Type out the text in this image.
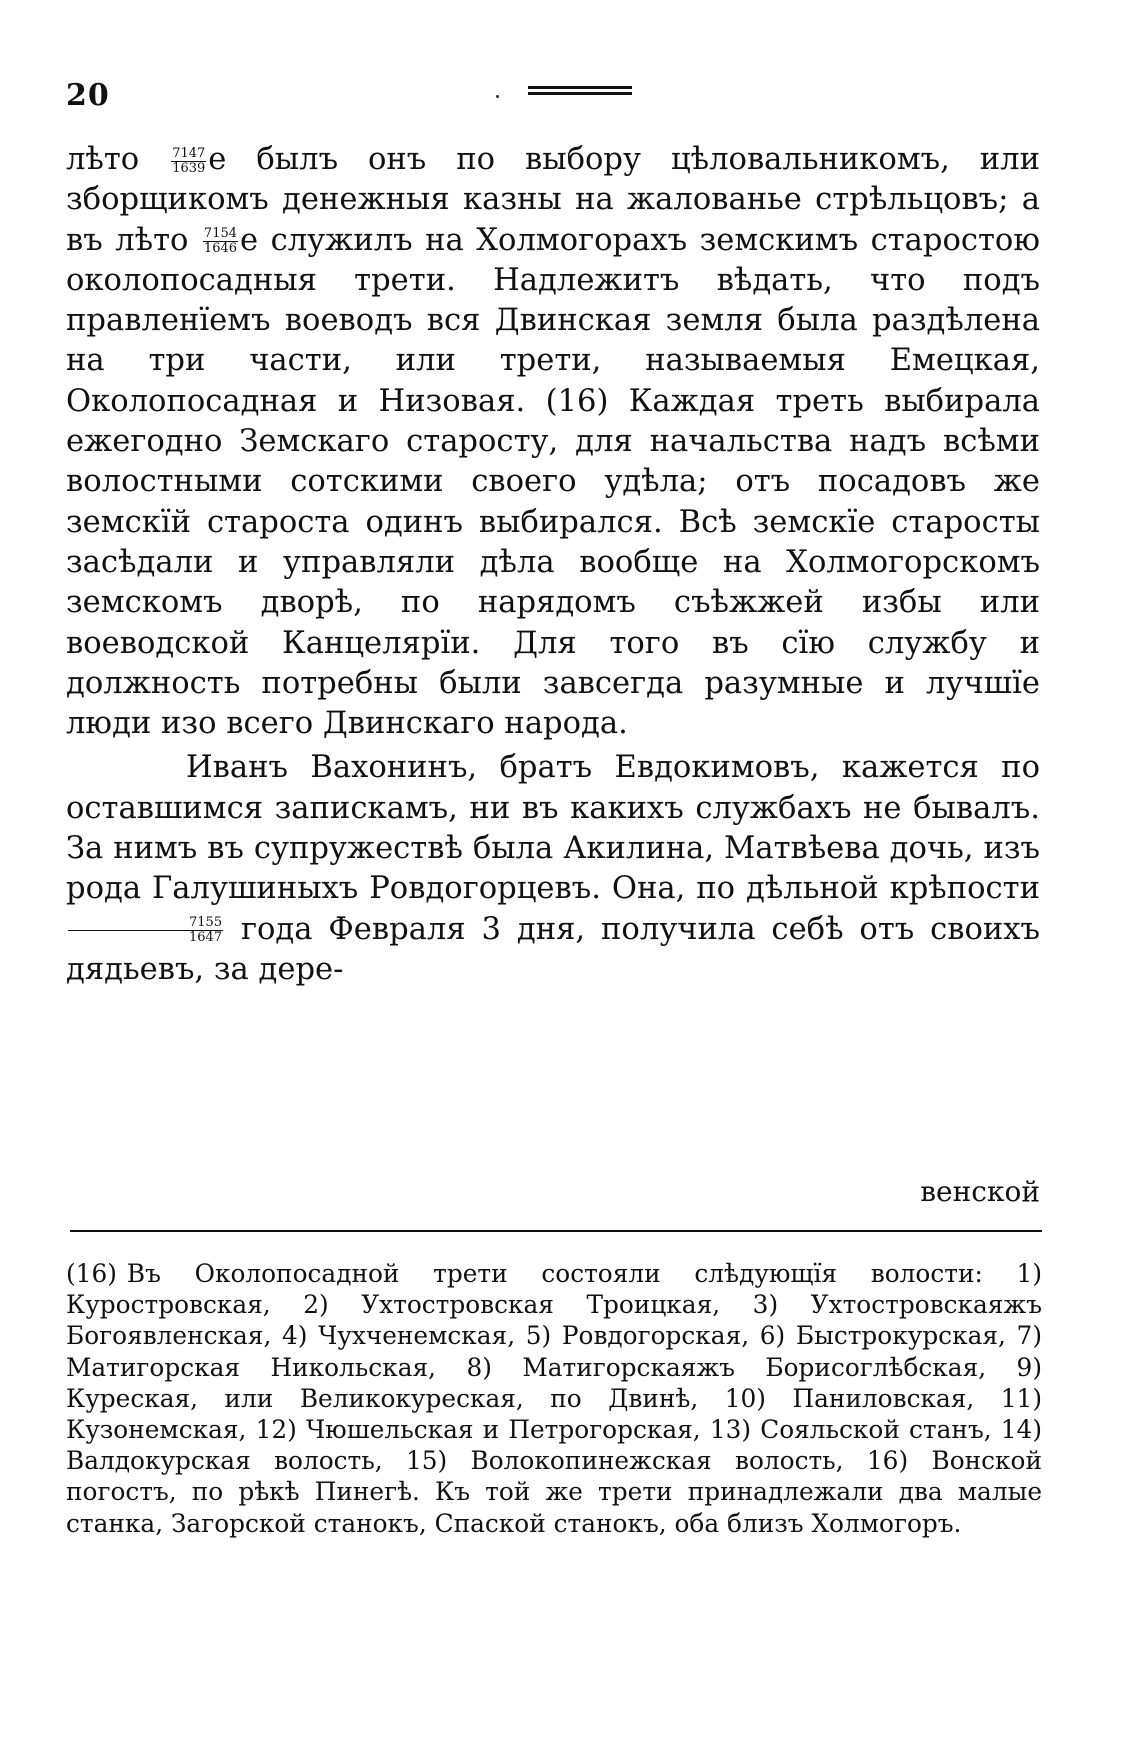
20

лѣто $\frac{7147}{1639}$ е былъ онъ по выбору цѣловальникомъ, или зборщикомъ денежныя казны на жалованье стрѣльцовъ; а въ лѣто $\frac{7154}{1646}$ е служилъ на Холмогорахъ земскимъ старостою околопосадныя трети. Надлежитъ вѣдать, что подъ правленїемъ воеводъ вся Двинская земля была раздѣлена на три части, или трети, называемыя Емецкая, Околопосадная и Низовая. (16) Каждая треть выбирала ежегодно Земскаго старосту, для начальства надъ всѣми волостными сотскими своего удѣла; отъ посадовъ же земскїй староста одинъ выбирался. Всѣ земскїе старосты засѣдали и управляли дѣла вообще на Холмогорскомъ земскомъ дворѣ, по нарядомъ съѣжжей избы или воеводской Канцелярїи. Для того въ сїю службу и должность потребны были завсегда разумные и лучшїе люди изо всего Двинскаго народа.

Иванъ Вахонинъ, братъ Евдокимовъ, кажется по оставшимся запискамъ, ни въ какихъ службахъ не бывалъ. За нимъ въ супружествѣ была Акилина, Матвѣева дочь, изъ рода Галушиныхъ Ровдогорцевъ. Она, по дѣльной крѣпости
$\frac{7155}{1647}$ года Февраля 3 дня, получила себѣ отъ своихъ дядьевъ, за дере-

венской

(16) Въ Околопосадной трети состояли слѣдующїя волости: 1) Куростровская, 2) Ухтостровская Троицкая, 3) Ухтостровскаяжъ Богоявленская, 4) Чухченемская, 5) Ровдогорская, 6) Быстрокурская, 7) Матигорская Никольская, 8) Матигорскаяжъ Борисоглѣбская, 9) Куреская, или Великокуреская, по Двинѣ, 10) Паниловская, 11) Кузонемская, 12) Чюшельская и Петрогорская, 13) Сояльской станъ, 14) Валдокурская волость, 15) Волокопинежская волость, 16) Вонской погостъ, по рѣкѣ Пинегѣ. Къ той же трети принадлежали два малые станка, Загорской станокъ, Спаской станокъ, оба близъ Холмогоръ.
